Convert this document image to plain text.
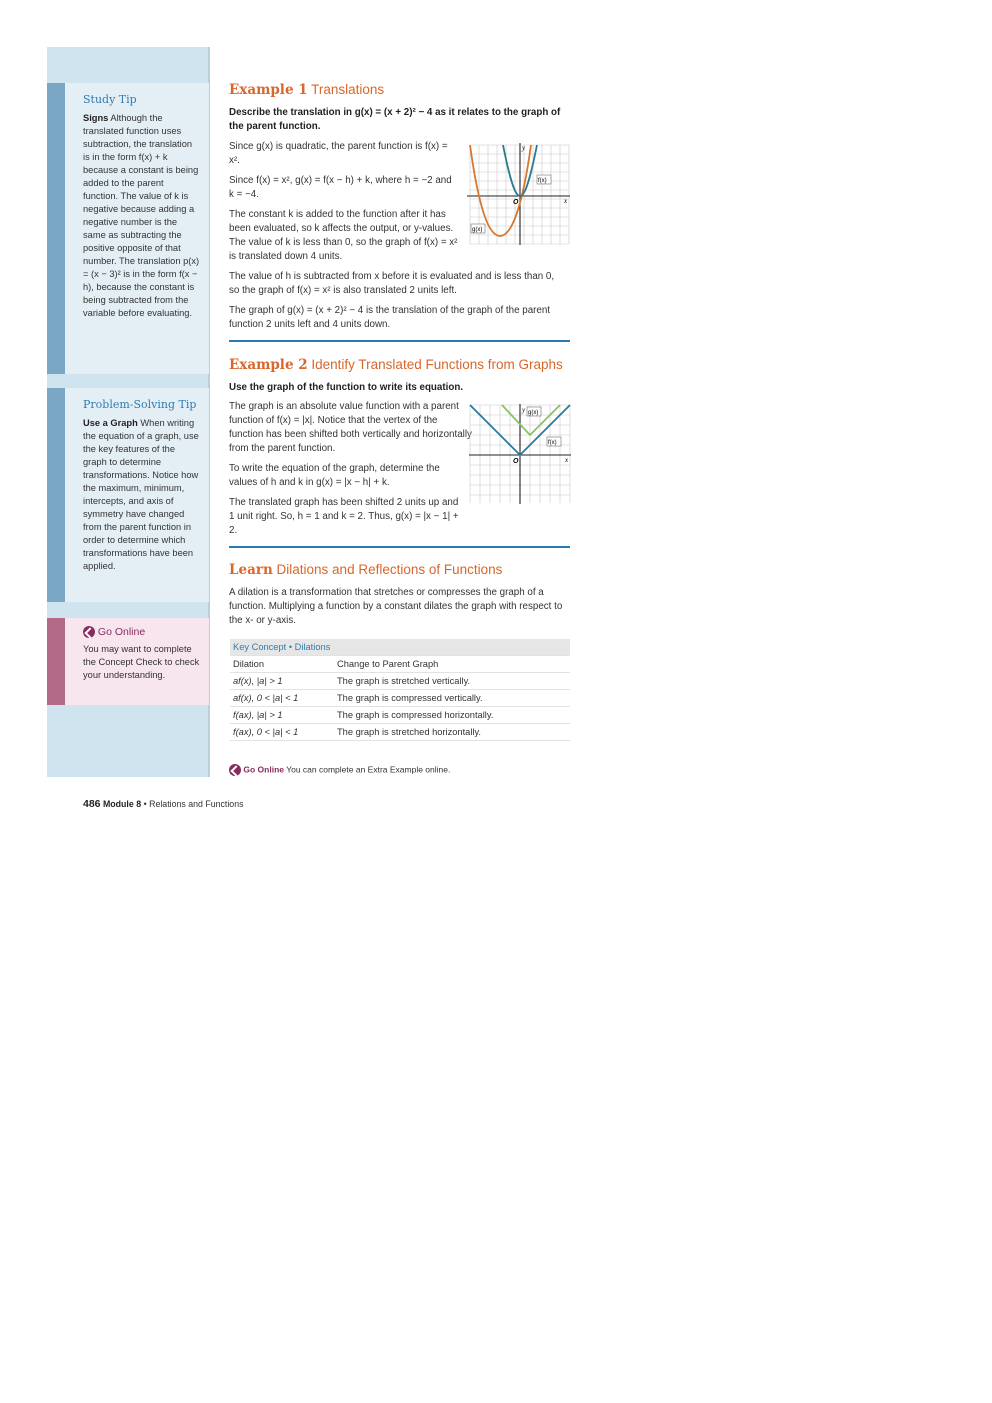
Study Tip
Signs Although the translated function uses subtraction, the translation is in the form f(x) + k because a constant is being added to the parent function. The value of k is negative because adding a negative number is the same as subtracting the positive opposite of that number. The translation p(x) = (x − 3)² is in the form f(x − h), because the constant is being subtracted from the variable before evaluating.
Problem-Solving Tip
Use a Graph When writing the equation of a graph, use the key features of the graph to determine transformations. Notice how the maximum, minimum, intercepts, and axis of symmetry have changed from the parent function in order to determine which transformations have been applied.
Go Online
You may want to complete the Concept Check to check your understanding.
Example 1 Translations
Describe the translation in g(x) = (x + 2)² − 4 as it relates to the graph of the parent function.
Since g(x) is quadratic, the parent function is f(x) = x².
Since f(x) = x², g(x) = f(x − h) + k, where h = −2 and k = −4.
The constant k is added to the function after it has been evaluated, so k affects the output, or y-values. The value of k is less than 0, so the graph of f(x) = x² is translated down 4 units.
The value of h is subtracted from x before it is evaluated and is less than 0, so the graph of f(x) = x² is also translated 2 units left.
The graph of g(x) = (x + 2)² − 4 is the translation of the graph of the parent function 2 units left and 4 units down.
y
x
O
f(x)
g(x)
Example 2 Identify Translated Functions from Graphs
Use the graph of the function to write its equation.
The graph is an absolute value function with a parent function of f(x) = |x|. Notice that the vertex of the function has been shifted both vertically and horizontally from the parent function.
To write the equation of the graph, determine the values of h and k in g(x) = |x − h| + k.
The translated graph has been shifted 2 units up and 1 unit right. So, h = 1 and k = 2. Thus, g(x) = |x − 1| + 2.
y
x
O
g(x)
f(x)
Learn Dilations and Reflections of Functions
A dilation is a transformation that stretches or compresses the graph of a function. Multiplying a function by a constant dilates the graph with respect to the x- or y-axis.
Key Concept • Dilations	
Dilation	Change to Parent Graph
af(x), |a| > 1	The graph is stretched vertically.
af(x), 0 < |a| < 1	The graph is compressed vertically.
f(ax), |a| > 1	The graph is compressed horizontally.
f(ax), 0 < |a| < 1	The graph is stretched horizontally.
Go Online You can complete an Extra Example online.
486 Module 8 • Relations and Functions
